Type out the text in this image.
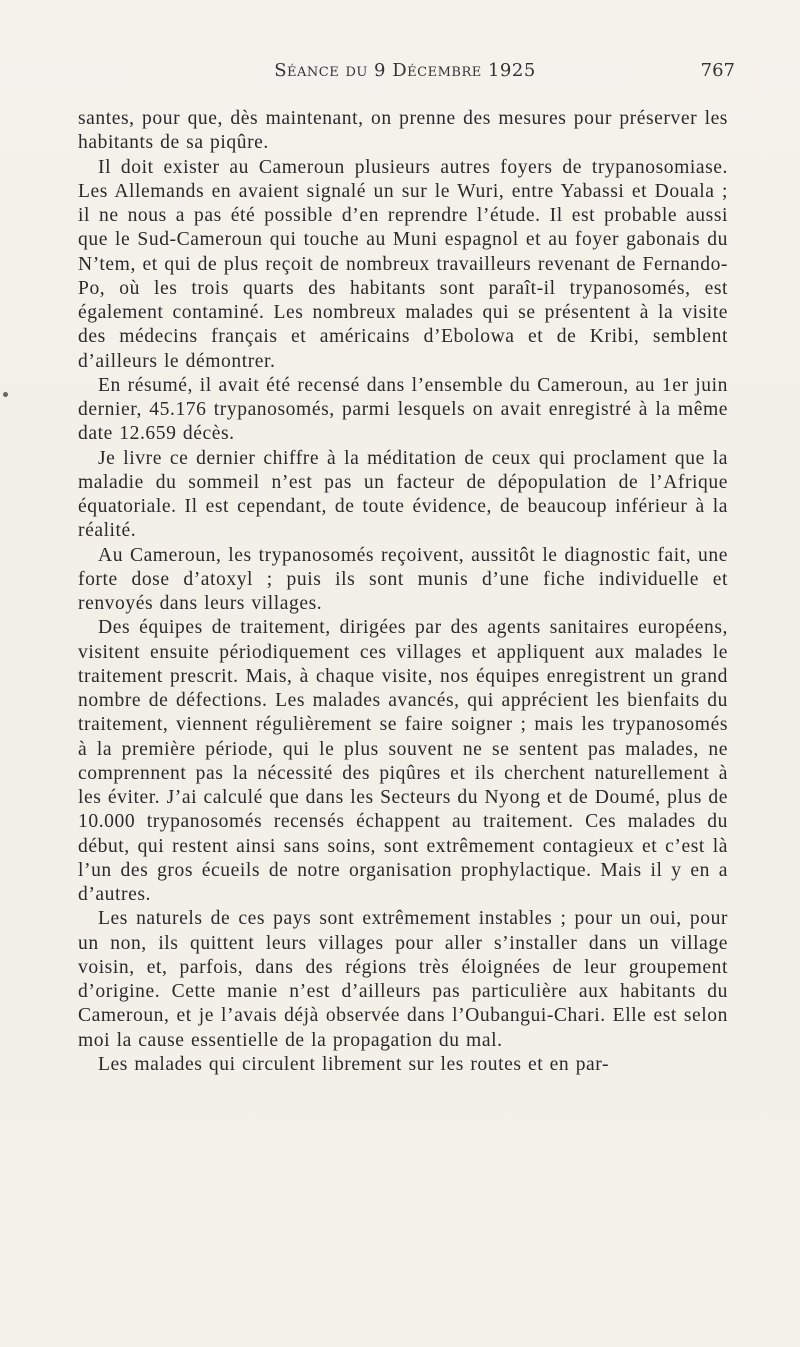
Séance du 9 Décembre 1925	767

santes, pour que, dès maintenant, on prenne des mesures pour préserver les habitants de sa piqûre.

Il doit exister au Cameroun plusieurs autres foyers de trypanosomiase. Les Allemands en avaient signalé un sur le Wuri, entre Yabassi et Douala ; il ne nous a pas été possible d’en reprendre l’étude. Il est probable aussi que le Sud-Cameroun qui touche au Muni espagnol et au foyer gabonais du N’tem, et qui de plus reçoit de nombreux travailleurs revenant de Fernando-Po, où les trois quarts des habitants sont paraît-il trypanosomés, est également contaminé. Les nombreux malades qui se présentent à la visite des médecins français et américains d’Ebolowa et de Kribi, semblent d’ailleurs le démontrer.

En résumé, il avait été recensé dans l’ensemble du Cameroun, au 1er juin dernier, 45.176 trypanosomés, parmi lesquels on avait enregistré à la même date 12.659 décès.

Je livre ce dernier chiffre à la méditation de ceux qui proclament que la maladie du sommeil n’est pas un facteur de dépopulation de l’Afrique équatoriale. Il est cependant, de toute évidence, de beaucoup inférieur à la réalité.

Au Cameroun, les trypanosomés reçoivent, aussitôt le diagnostic fait, une forte dose d’atoxyl ; puis ils sont munis d’une fiche individuelle et renvoyés dans leurs villages.

Des équipes de traitement, dirigées par des agents sanitaires européens, visitent ensuite périodiquement ces villages et appliquent aux malades le traitement prescrit. Mais, à chaque visite, nos équipes enregistrent un grand nombre de défections. Les malades avancés, qui apprécient les bienfaits du traitement, viennent régulièrement se faire soigner ; mais les trypanosomés à la première période, qui le plus souvent ne se sentent pas malades, ne comprennent pas la nécessité des piqûres et ils cherchent naturellement à les éviter. J’ai calculé que dans les Secteurs du Nyong et de Doumé, plus de 10.000 trypanosomés recensés échappent au traitement. Ces malades du début, qui restent ainsi sans soins, sont extrêmement contagieux et c’est là l’un des gros écueils de notre organisation prophylactique. Mais il y en a d’autres.

Les naturels de ces pays sont extrêmement instables ; pour un oui, pour un non, ils quittent leurs villages pour aller s’installer dans un village voisin, et, parfois, dans des régions très éloignées de leur groupement d’origine. Cette manie n’est d’ailleurs pas particulière aux habitants du Cameroun, et je l’avais déjà observée dans l’Oubangui-Chari. Elle est selon moi la cause essentielle de la propagation du mal.

Les malades qui circulent librement sur les routes et en par-
